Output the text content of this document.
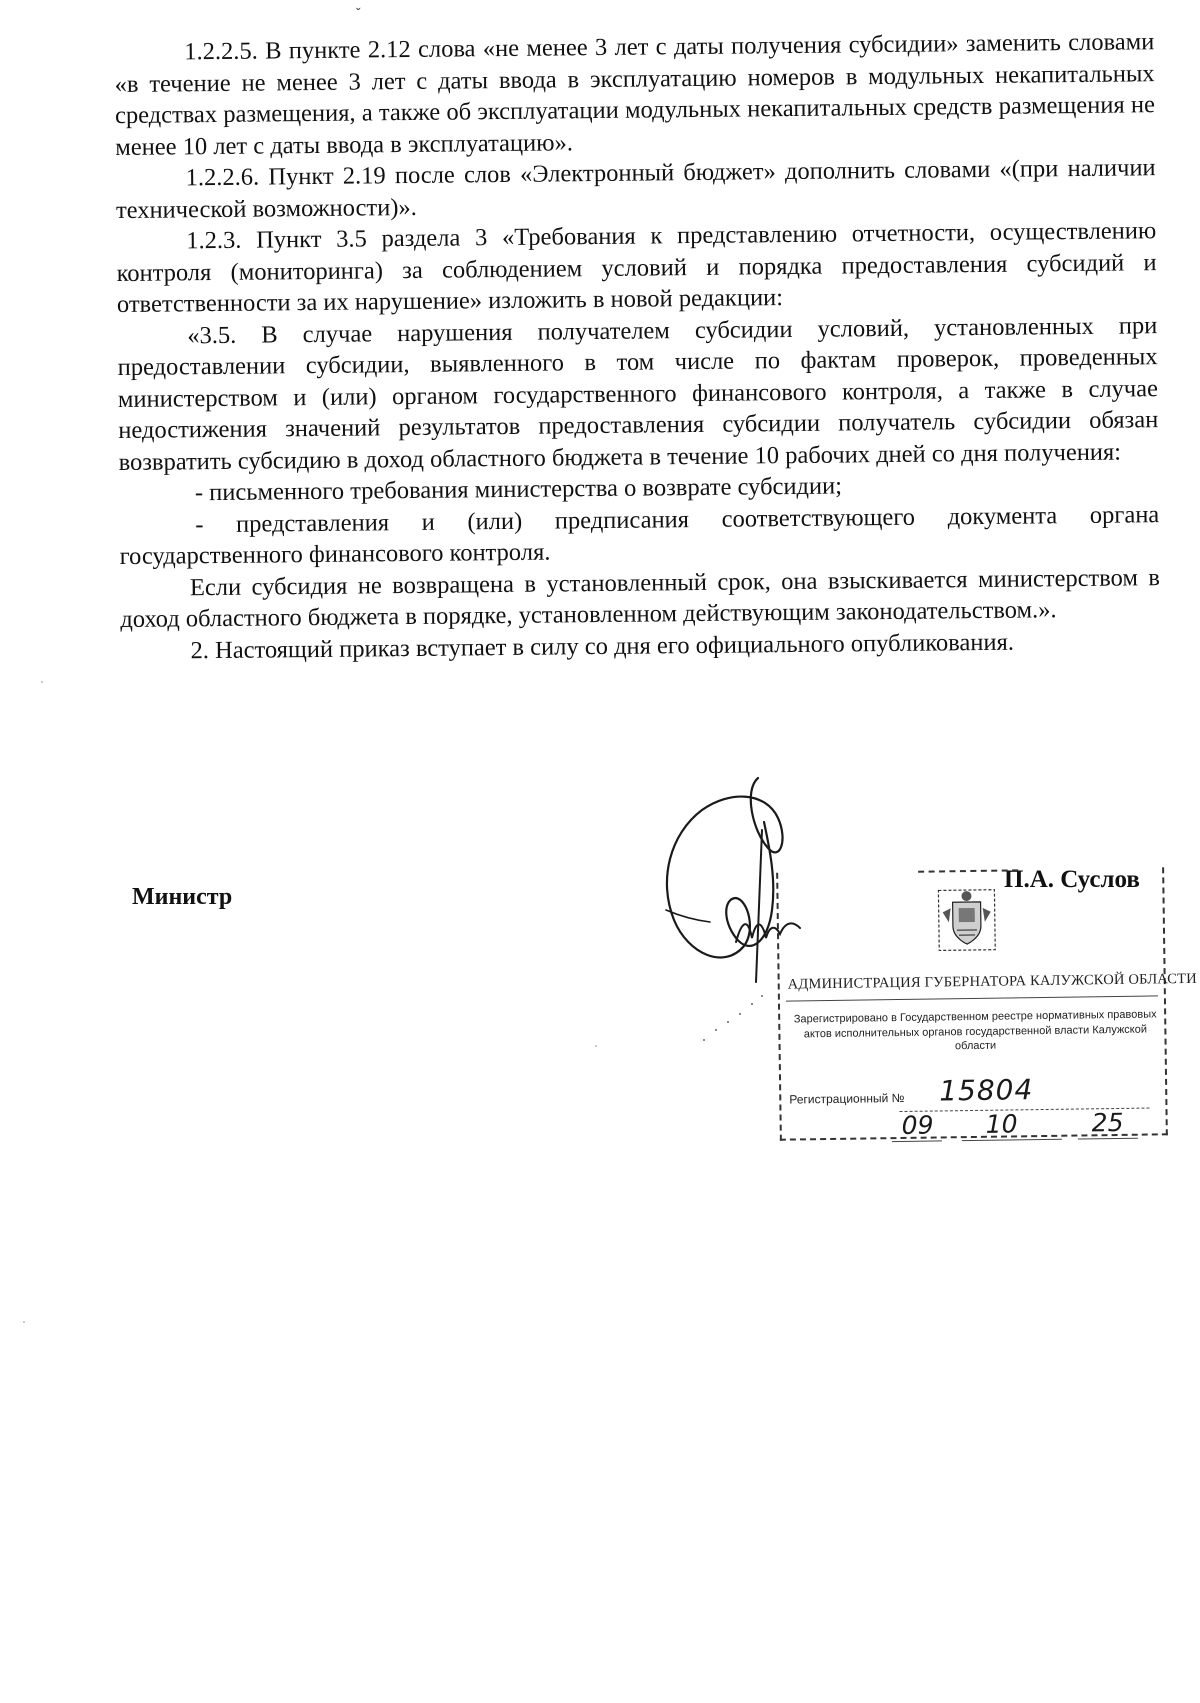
ˇ

1.2.2.5. В пункте 2.12 слова «не менее 3 лет с даты получения субсидии» заменить словами «в течение не менее 3 лет с даты ввода в эксплуатацию номеров в модульных некапитальных средствах размещения, а также об эксплуатации модульных некапитальных средств размещения не менее 10 лет с даты ввода в эксплуатацию».

1.2.2.6. Пункт 2.19 после слов «Электронный бюджет» дополнить словами «(при наличии технической возможности)».

1.2.3. Пункт 3.5 раздела 3 «Требования к представлению отчетности, осуществлению контроля (мониторинга) за соблюдением условий и порядка предоставления субсидий и ответственности за их нарушение» изложить в новой редакции:

«3.5. В случае нарушения получателем субсидии условий, установленных при предоставлении субсидии, выявленного в том числе по фактам проверок, проведенных министерством и (или) органом государственного финансового контроля, а также в случае недостижения значений результатов предоставления субсидии получатель субсидии обязан возвратить субсидию в доход областного бюджета в течение 10 рабочих дней со дня получения:

- письменного требования министерства о возврате субсидии;

- представления и (или) предписания соответствующего документа органа государственного финансового контроля.

Если субсидия не возвращена в установленный срок, она взыскивается министерством в доход областного бюджета в порядке, установленном действующим законодательством.».

2. Настоящий приказ вступает в силу со дня его официального опубликования.

Министр
П.А. Суслов
АДМИНИСТРАЦИЯ ГУБЕРНАТОРА КАЛУЖСКОЙ ОБЛАСТИ
Зарегистрировано в Государственном реестре нормативных правовых актов исполнительных органов государственной власти Калужской области
Регистрационный № 15804
09 10	25
